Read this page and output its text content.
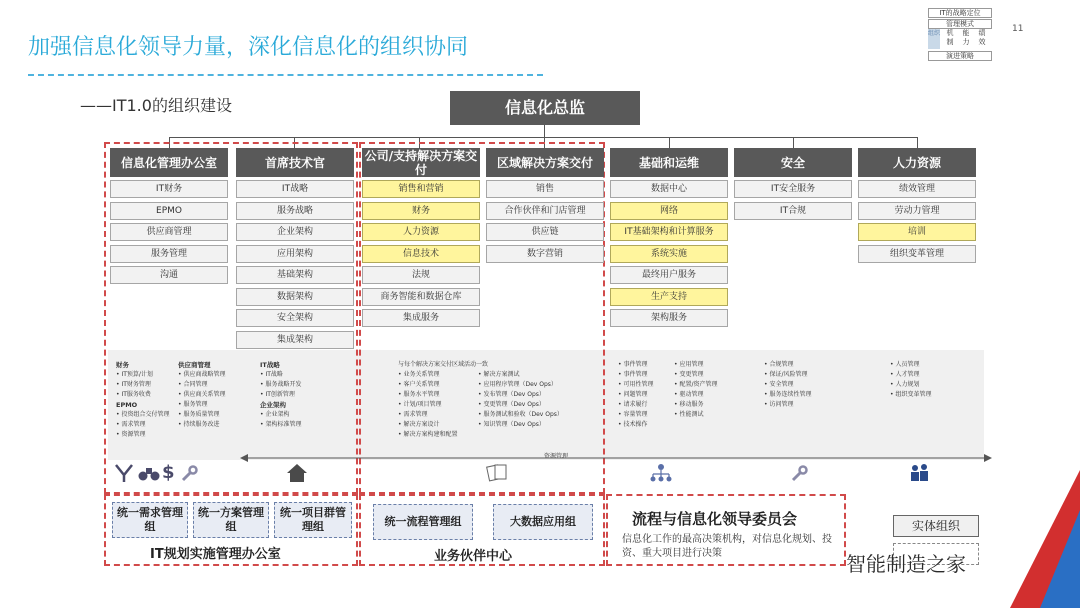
加强信息化领导力量，深化信息化的组织协同
11
——IT1.0的组织建设
IT的战略定位
管理模式
组织 机制
能力
绩效
演进策略
信息化总监
信息化管理办公室
IT财务
EPMO
供应商管理
服务管理
沟通
首席技术官
IT战略
服务战略
企业架构
应用架构
基础架构
数据架构
安全架构
集成架构
公司/支持解决方案交付
销售和营销
财务
人力资源
信息技术
法规
商务智能和数据仓库
集成服务
区域解决方案交付
销售
合作伙伴和门店管理
供应链
数字营销
基础和运维
数据中心
网络
IT基础架构和计算服务
系统实施
最终用户服务
生产支持
架构服务
安全
IT安全服务
IT合规
人力资源
绩效管理
劳动力管理
培训
组织变革管理
财务
• IT预算/计划
• IT财务管理
• IT服务收费
EPMO
• 投资组合交付管理
• 需求管理
• 资源管理
供应商管理
• 供应商战略管理
• 合同管理
• 供应商关系管理
• 服务管理
• 服务质量管理
• 持续服务改进
IT战略
• IT战略
• 服务战略开发
• IT创新管理
企业架构
• 企业架构
• 架构标准管理
与每个解决方案交付区域活动一致
• 业务关系管理
• 客户关系管理
• 服务水平管理
• 计划/项目管理
• 需求管理
• 解决方案设计
• 解决方案构建和配置
• 解决方案测试
• 应用程序管理（Dev Ops）
• 发布管理（Dev Ops）
• 变更管理（Dev Ops）
• 服务测试和验收（Dev Ops）
• 知识管理（Dev Ops）
资源管理
• 事件管理
• 事件管理
• 可用性管理
• 问题管理
• 请求履行
• 容量管理
• 技术操作
• 应用管理
• 变更管理
• 配置/资产管理
• 驱动管理
• 移动服务
• 性能测试
• 合规管理
• 保证/风险管理
• 安全管理
• 服务连续性管理
• 访问管理
• 人员管理
• 人才管理
• 人力规划
• 组织变革管理
$
统一需求管理组
统一方案管理组
统一项目群管理组
IT规划实施管理办公室
统一流程管理组	大数据应用组
业务伙伴中心
流程与信息化领导委员会
信息化工作的最高决策机构，对信息化规划、投资、重大项目进行决策
实体组织
智能制造之家
